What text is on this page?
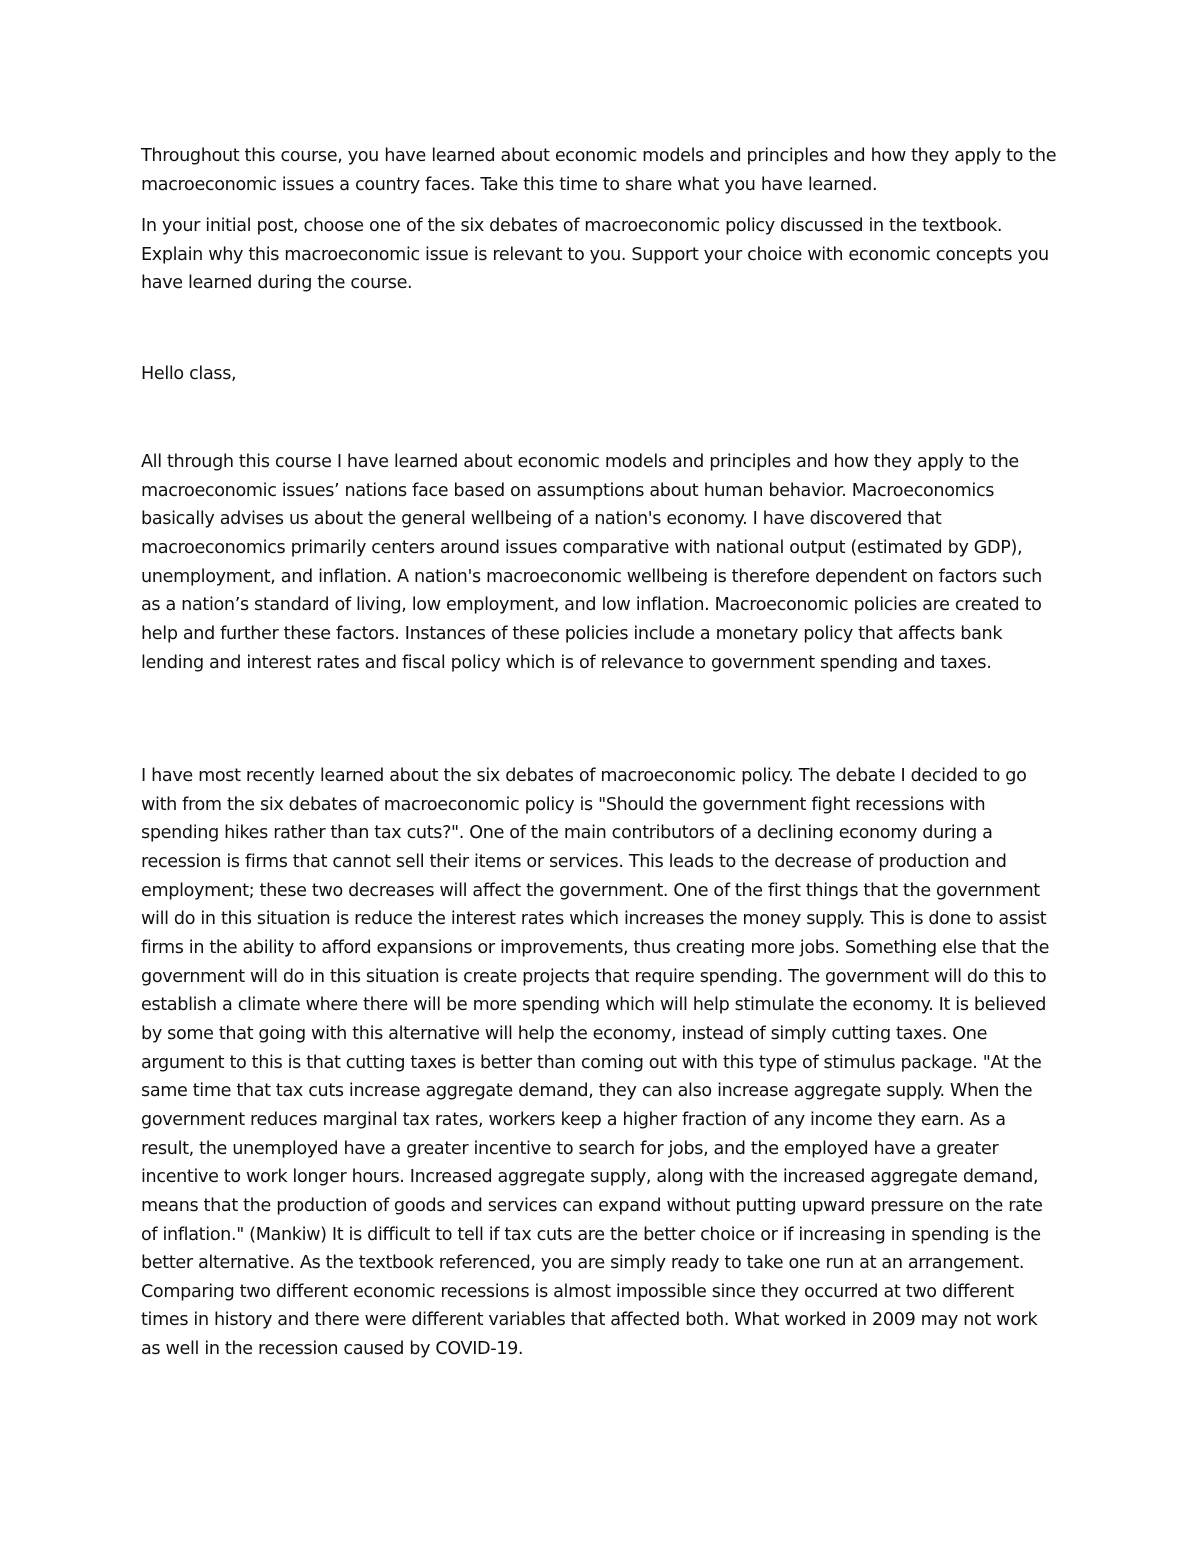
Throughout this course, you have learned about economic models and principles and how they apply to the macroeconomic issues a country faces. Take this time to share what you have learned.

In your initial post, choose one of the six debates of macroeconomic policy discussed in the textbook. Explain why this macroeconomic issue is relevant to you. Support your choice with economic concepts you have learned during the course.

Hello class,

All through this course I have learned about economic models and principles and how they apply to the macroeconomic issues’ nations face based on assumptions about human behavior. Macroeconomics basically advises us about the general wellbeing of a nation's economy. I have discovered that macroeconomics primarily centers around issues comparative with national output (estimated by GDP), unemployment, and inflation. A nation's macroeconomic wellbeing is therefore dependent on factors such as a nation’s standard of living, low employment, and low inflation. Macroeconomic policies are created to help and further these factors. Instances of these policies include a monetary policy that affects bank lending and interest rates and fiscal policy which is of relevance to government spending and taxes.

I have most recently learned about the six debates of macroeconomic policy. The debate I decided to go with from the six debates of macroeconomic policy is "Should the government fight recessions with spending hikes rather than tax cuts?". One of the main contributors of a declining economy during a recession is firms that cannot sell their items or services. This leads to the decrease of production and employment; these two decreases will affect the government. One of the first things that the government will do in this situation is reduce the interest rates which increases the money supply. This is done to assist firms in the ability to afford expansions or improvements, thus creating more jobs. Something else that the government will do in this situation is create projects that require spending. The government will do this to establish a climate where there will be more spending which will help stimulate the economy. It is believed by some that going with this alternative will help the economy, instead of simply cutting taxes. One argument to this is that cutting taxes is better than coming out with this type of stimulus package. "At the same time that tax cuts increase aggregate demand, they can also increase aggregate supply. When the government reduces marginal tax rates, workers keep a higher fraction of any income they earn. As a result, the unemployed have a greater incentive to search for jobs, and the employed have a greater incentive to work longer hours. Increased aggregate supply, along with the increased aggregate demand, means that the production of goods and services can expand without putting upward pressure on the rate of inflation." (Mankiw) It is difficult to tell if tax cuts are the better choice or if increasing in spending is the better alternative. As the textbook referenced, you are simply ready to take one run at an arrangement. Comparing two different economic recessions is almost impossible since they occurred at two different times in history and there were different variables that affected both. What worked in 2009 may not work as well in the recession caused by COVID-19.
